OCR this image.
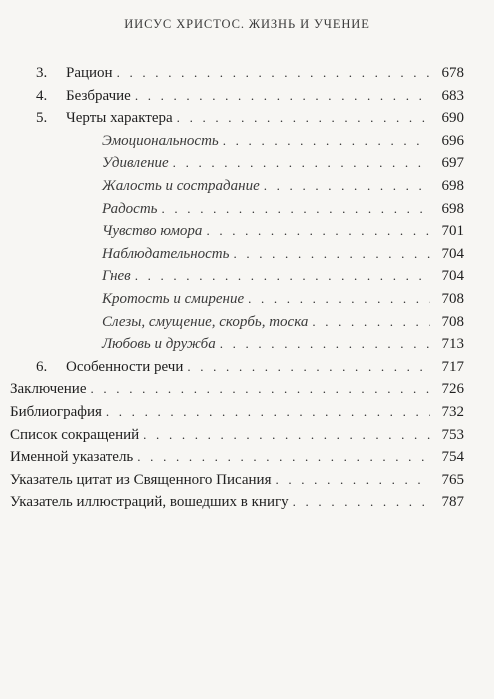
ИИСУС ХРИСТОС. ЖИЗНЬ И УЧЕНИЕ
3.	Рацион . . .	678
4.	Безбрачие . . .	683
5.	Черты характера . . .	690
Эмоциональность . . .	696
Удивление . . .	697
Жалость и сострадание . . .	698
Радость . . .	698
Чувство юмора . . .	701
Наблюдательность . . .	704
Гнев . . .	704
Кротость и смирение . . .	708
Слезы, смущение, скорбь, тоска . . .	708
Любовь и дружба . . .	713
6.	Особенности речи . . .	717
Заключение . . .	726
Библиография . . .	732
Список сокращений . . .	753
Именной указатель . . .	754
Указатель цитат из Священного Писания . . .	765
Указатель иллюстраций, вошедших в книгу . . .	787
